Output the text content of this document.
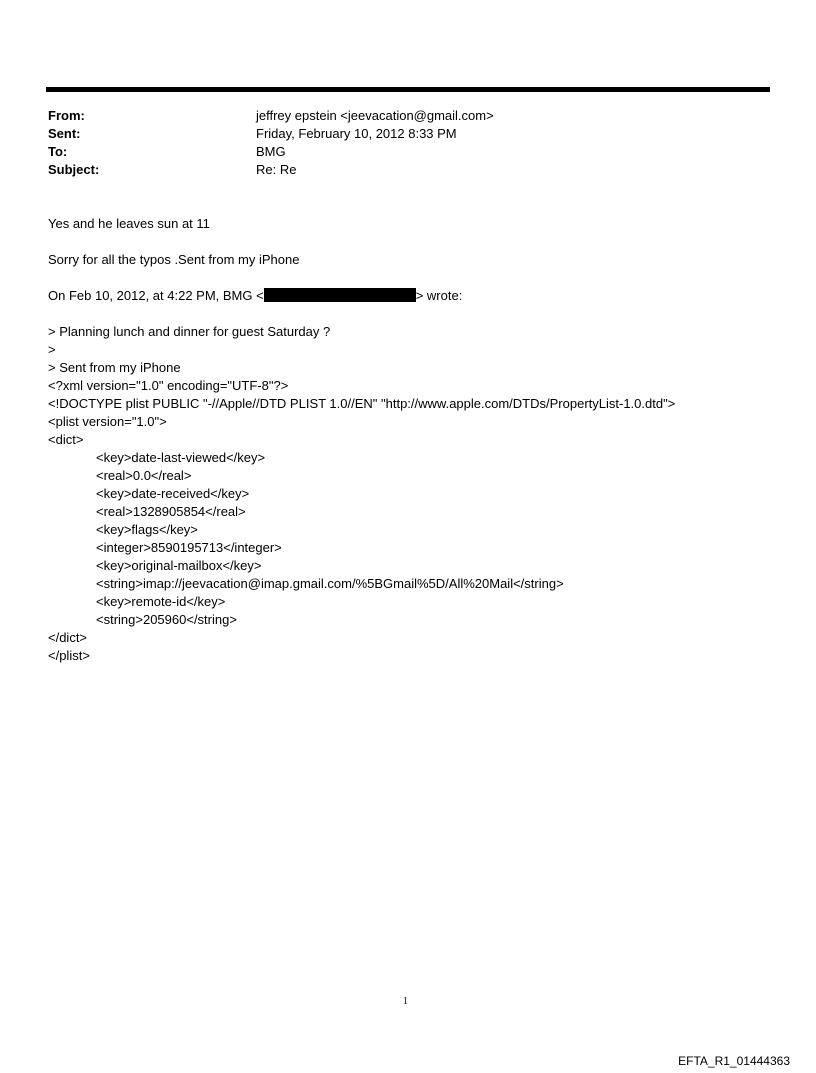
From:	jeffrey epstein <jeevacation@gmail.com>
Sent:	Friday, February 10, 2012 8:33 PM
To:	BMG
Subject:	Re: Re
Yes and he leaves sun at 11
Sorry for all the typos .Sent from my iPhone
On Feb 10, 2012, at 4:22 PM, BMG <	> wrote:
> Planning lunch and dinner for guest Saturday ?
>
> Sent from my iPhone
<?xml version="1.0" encoding="UTF-8"?>
<!DOCTYPE plist PUBLIC "-//Apple//DTD PLIST 1.0//EN" "http://www.apple.com/DTDs/PropertyList-1.0.dtd">
<plist version="1.0">
<dict>
<key>date-last-viewed</key>
<real>0.0</real>
<key>date-received</key>
<real>1328905854</real>
<key>flags</key>
<integer>8590195713</integer>
<key>original-mailbox</key>
<string>imap://jeevacation@imap.gmail.com/%5BGmail%5D/All%20Mail</string>
<key>remote-id</key>
<string>205960</string>
</dict>
</plist>
1
EFTA_R1_01444363
